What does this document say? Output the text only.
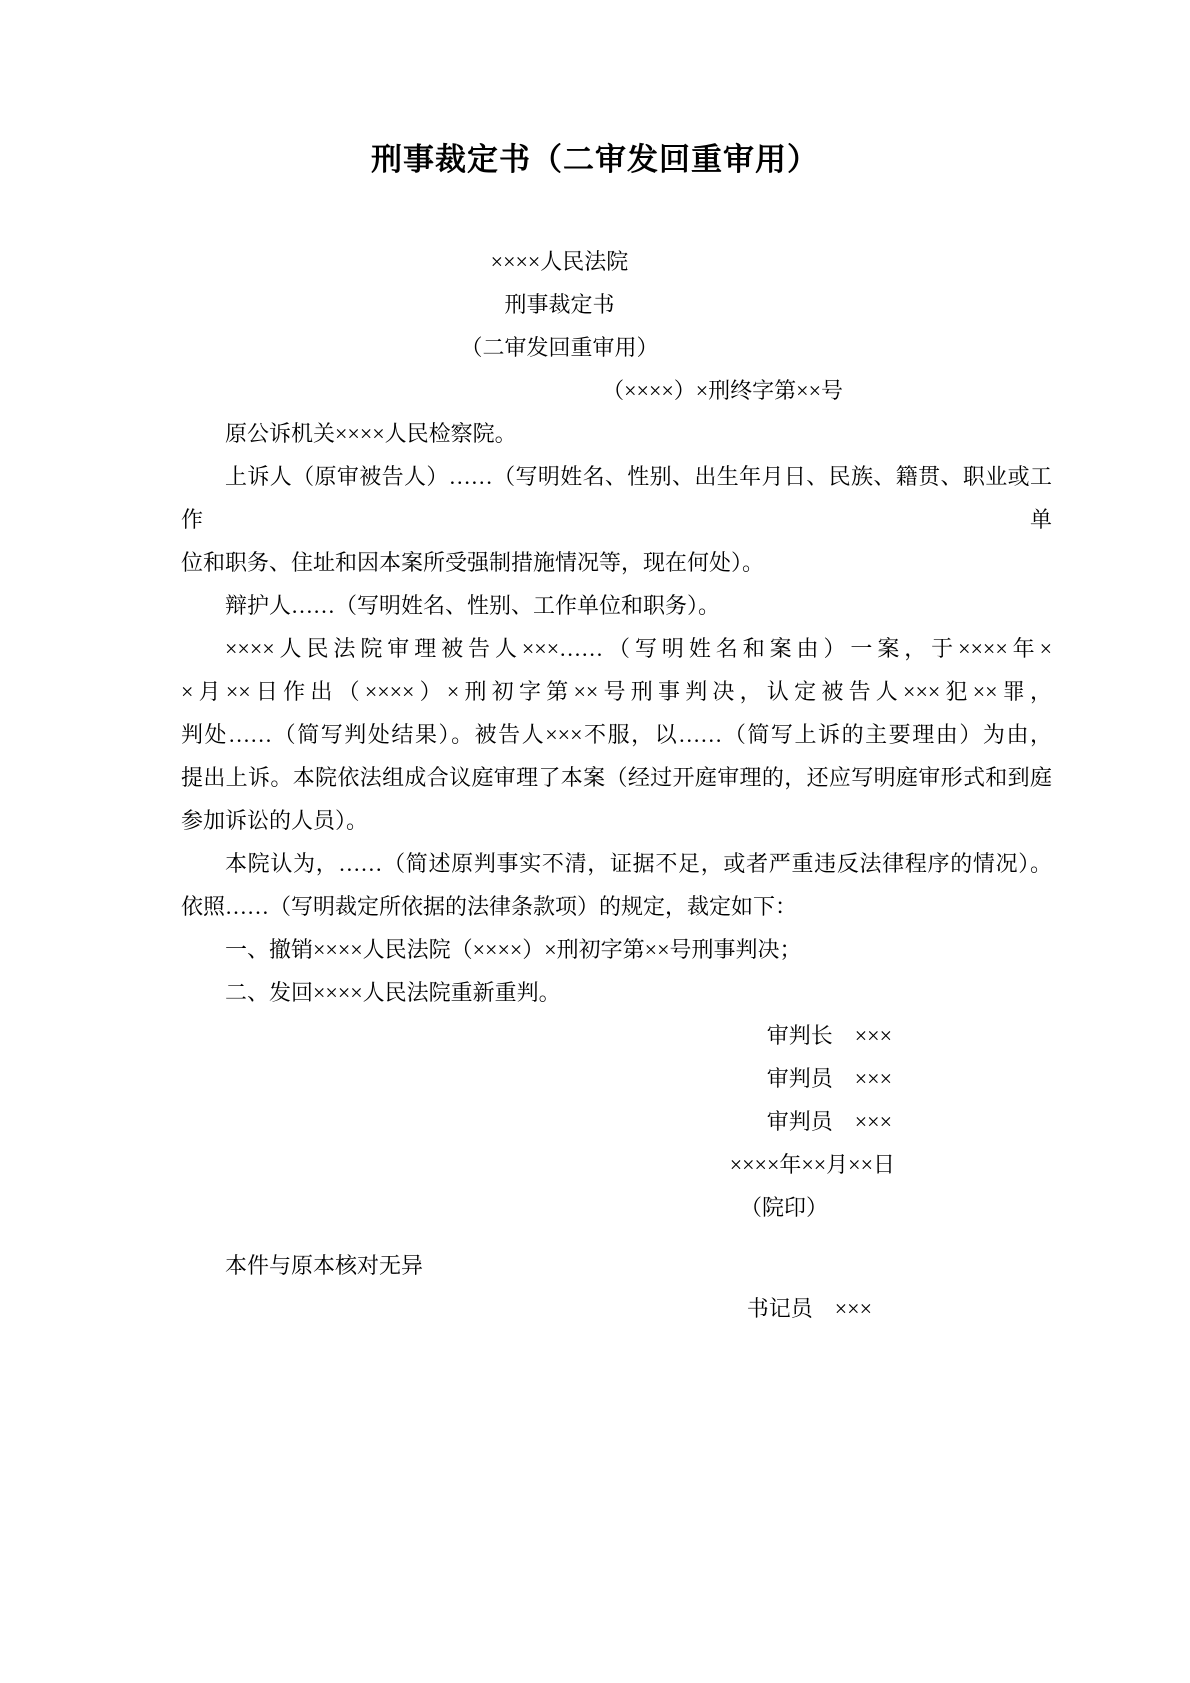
刑事裁定书（二审发回重审用）
××××人民法院
刑事裁定书
（二审发回重审用）
（××××）×刑终字第××号
原公诉机关××××人民检察院。
上诉人（原审被告人）……（写明姓名、性别、出生年月日、民族、籍贯、职业或工作单
位和职务、住址和因本案所受强制措施情况等，现在何处）。
辩护人……（写明姓名、性别、工作单位和职务）。
××××人民法院审理被告人×××……（写明姓名和案由）一案，于××××年×
×月××日作出（××××）×刑初字第××号刑事判决，认定被告人×××犯××罪，
判处……（简写判处结果）。被告人×××不服，以……（简写上诉的主要理由）为由，
提出上诉。本院依法组成合议庭审理了本案（经过开庭审理的，还应写明庭审形式和到庭
参加诉讼的人员）。
本院认为，……（简述原判事实不清，证据不足，或者严重违反法律程序的情况）。
依照……（写明裁定所依据的法律条款项）的规定，裁定如下：
一、撤销××××人民法院（××××）×刑初字第××号刑事判决；
二、发回××××人民法院重新重判。
审判长　×××
审判员　×××
审判员　×××
××××年××月××日
（院印）
本件与原本核对无异
书记员　×××
